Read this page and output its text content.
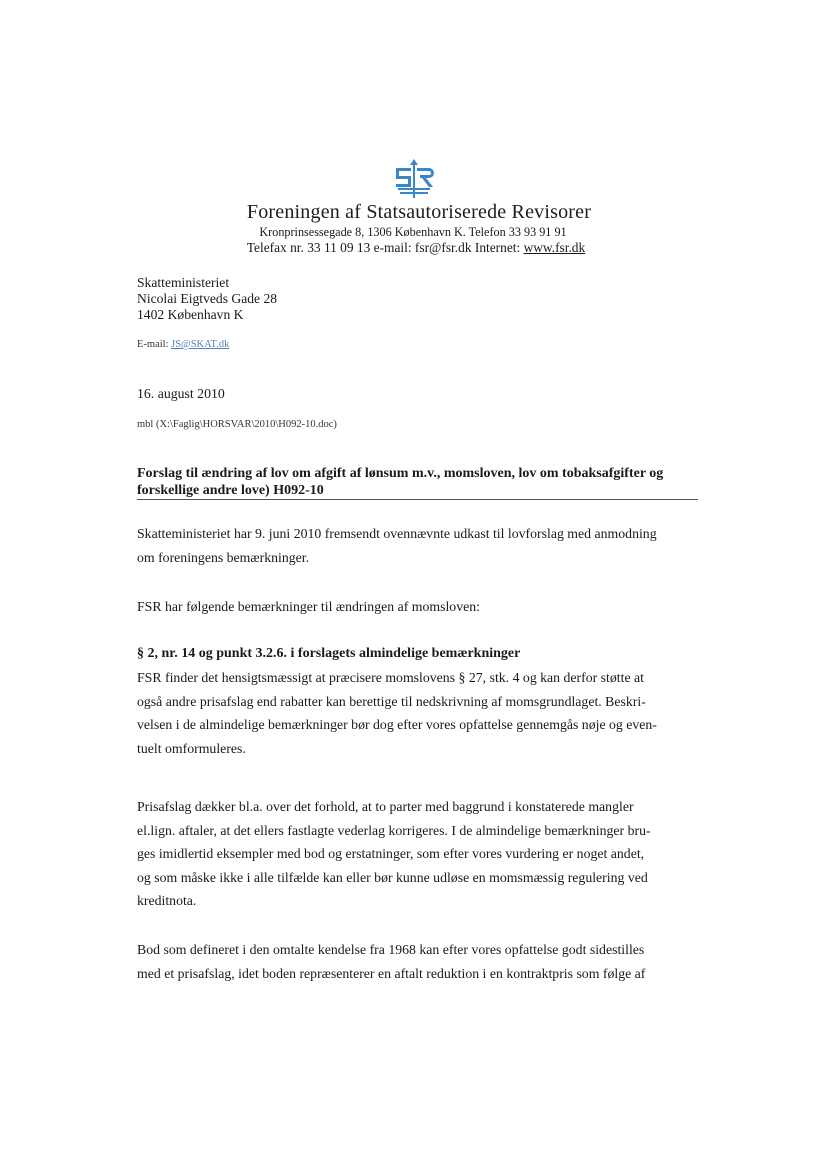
Foreningen af Statsautoriserede Revisorer
Kronprinsessegade 8, 1306 København K. Telefon 33 93 91 91
Telefax nr. 33 11 09 13 e-mail: fsr@fsr.dk Internet: www.fsr.dk
Skatteministeriet
Nicolai Eigtveds Gade 28
1402 København K
E-mail: JS@SKAT.dk
16. august 2010
mbl (X:\Faglig\HORSVAR\2010\H092-10.doc)
Forslag til ændring af lov om afgift af lønsum m.v., momsloven, lov om tobaksafgifter og
forskellige andre love) H092-10
Skatteministeriet har 9. juni 2010 fremsendt ovennævnte udkast til lovforslag med anmodning
om foreningens bemærkninger.
FSR har følgende bemærkninger til ændringen af momsloven:
§ 2, nr. 14 og punkt 3.2.6. i forslagets almindelige bemærkninger
FSR finder det hensigtsmæssigt at præcisere momslovens § 27, stk. 4 og kan derfor støtte at
også andre prisafslag end rabatter kan berettige til nedskrivning af momsgrundlaget. Beskri-
velsen i de almindelige bemærkninger bør dog efter vores opfattelse gennemgås nøje og even-
tuelt omformuleres.
Prisafslag dækker bl.a. over det forhold, at to parter med baggrund i konstaterede mangler
el.lign. aftaler, at det ellers fastlagte vederlag korrigeres. I de almindelige bemærkninger bru-
ges imidlertid eksempler med bod og erstatninger, som efter vores vurdering er noget andet,
og som måske ikke i alle tilfælde kan eller bør kunne udløse en momsmæssig regulering ved
kreditnota.
Bod som defineret i den omtalte kendelse fra 1968 kan efter vores opfattelse godt sidestilles
med et prisafslag, idet boden repræsenterer en aftalt reduktion i en kontraktpris som følge af
